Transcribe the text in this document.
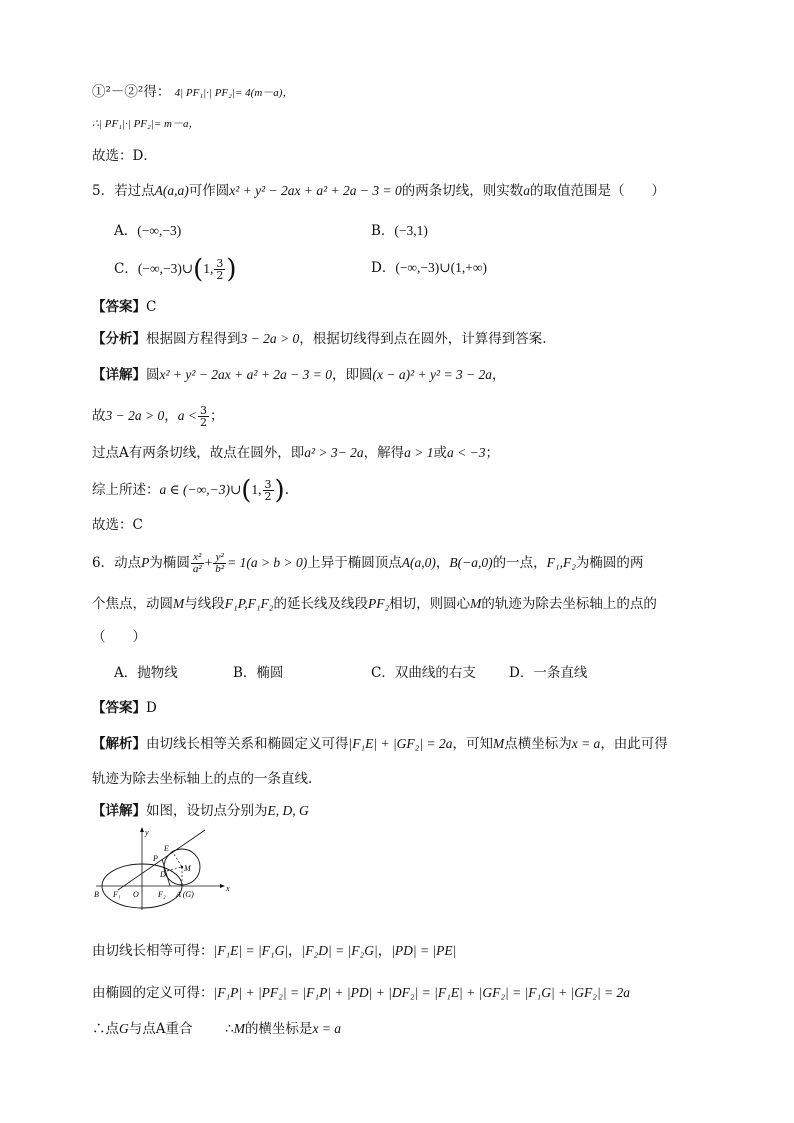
①²－②²得： 4| PF₁|·| PF₂|= 4(m－a)，
∴| PF₁|·| PF₂|= m－a，
故选：D．
5．若过点A(a,a)可作圆x² + y² − 2ax + a² + 2a − 3 = 0的两条切线，则实数a的取值范围是（　　）
A．(−∞,−3)	B．(−3,1)
C．(−∞,−3)∪(1, $\frac{3}{2}$ )	D．(−∞,−3)∪(1,+∞)
【答案】C
【分析】根据圆方程得到3 − 2a > 0，根据切线得到点在圆外，计算得到答案.
【详解】圆x² + y² − 2ax + a² + 2a − 3 = 0，即圆(x − a)² + y² = 3 − 2a，
故3 − 2a > 0，$a < \frac{3}{2}$ ；
过点A有两条切线，故点在圆外，即a² > 3− 2a，解得a > 1或a < −3；
综上所述：a ∈ (−∞,−3)∪(1, $\frac{3}{2}$ ).
故选：C
6．动点P为椭圆 $\frac{\text{x²}}{\text{a²}} + \frac{\text{y²}}{\text{b²}} = 1(a > b > 0)$上异于椭圆顶点A(a,0)，B(−a,0)的一点，F₁,F₂为椭圆的两
个焦点，动圆M与线段F₁P,F₁F₂的延长线及线段PF₂相切，则圆心M的轨迹为除去坐标轴上的点的
（　　）
A．抛物线	B．椭圆	C．双曲线的右支 D．一条直线
【答案】D
【解析】由切线长相等关系和椭圆定义可得|F₁E| + |GF₂| = 2a，可知M点横坐标为x = a，由此可得
轨迹为除去坐标轴上的点的一条直线.
【详解】如图，设切点分别为E, D, G
y
x
B F₁ O F₂ A (G)
P
E
M
D
由切线长相等可得：|F₁E| = |F₁G|，|F₂D| = |F₂G|，|PD| = |PE|
由椭圆的定义可得：|F₁P| + |PF₂| = |F₁P| + |PD| + |DF₂| = |F₁E| + |GF₂| = |F₁G| + |GF₂| = 2a
∴点G与点A重合 ∴M的横坐标是x = a
